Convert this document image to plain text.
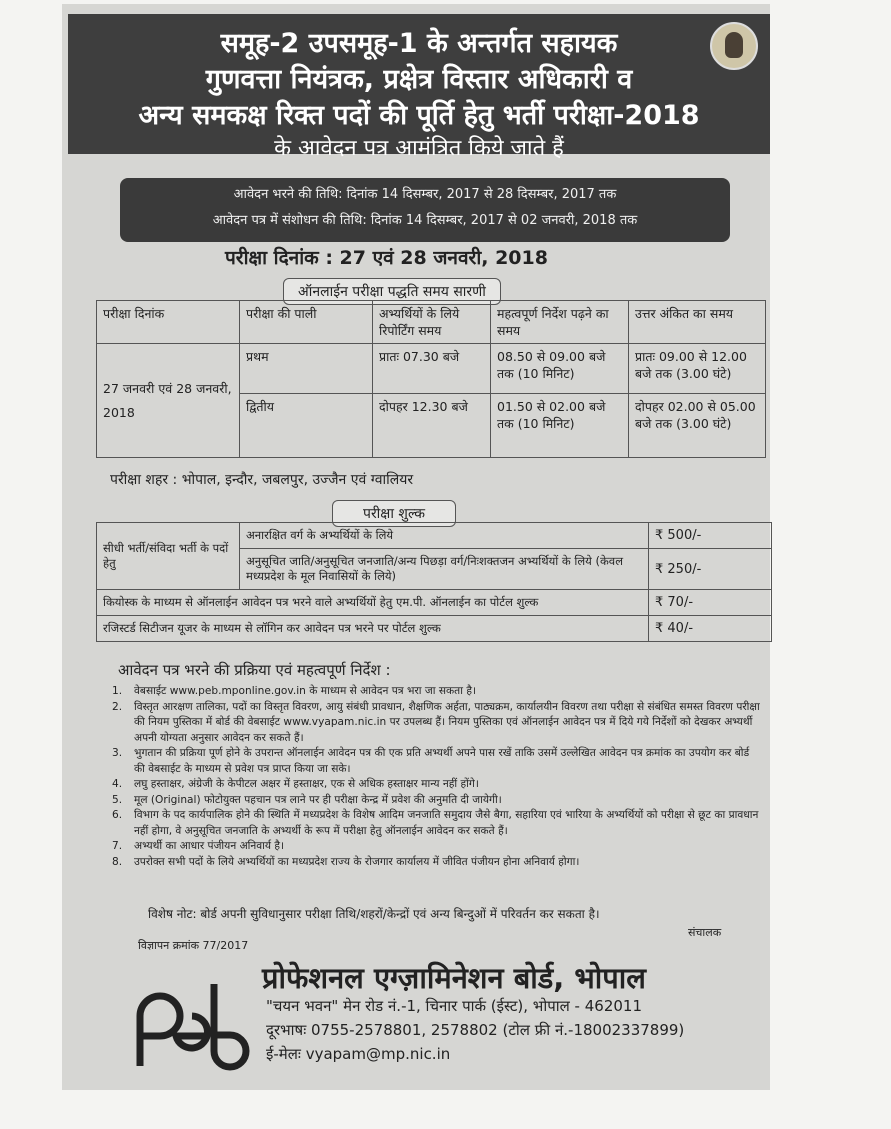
समूह-2 उपसमूह-1 के अन्तर्गत सहायक
गुणवत्ता नियंत्रक, प्रक्षेत्र विस्तार अधिकारी व
अन्य समकक्ष रिक्त पदों की पूर्ति हेतु भर्ती परीक्षा-2018
के आवेदन पत्र आमंत्रित किये जाते हैं
आवेदन भरने की तिथि: दिनांक 14 दिसम्बर, 2017 से 28 दिसम्बर, 2017 तक
आवेदन पत्र में संशोधन की तिथि: दिनांक 14 दिसम्बर, 2017 से 02 जनवरी, 2018 तक
परीक्षा दिनांक : 27 एवं 28 जनवरी, 2018
ऑनलाईन परीक्षा पद्धति समय सारणी
परीक्षा दिनांक	परीक्षा की पाली	अभ्यर्थियों के लिये रिपोर्टिंग समय	महत्वपूर्ण निर्देश पढ़ने का समय	उत्तर अंकित का समय
27 जनवरी एवं 28 जनवरी, 2018	प्रथम	प्रातः 07.30 बजे	08.50 से 09.00 बजे तक (10 मिनिट)	प्रातः 09.00 से 12.00 बजे तक (3.00 घंटे)
	द्वितीय	दोपहर 12.30 बजे	01.50 से 02.00 बजे तक (10 मिनिट)	दोपहर 02.00 से 05.00 बजे तक (3.00 घंटे)
परीक्षा शहर : भोपाल, इन्दौर, जबलपुर, उज्जैन एवं ग्वालियर
परीक्षा शुल्क
सीधी भर्ती/संविदा भर्ती के पदों हेतु	अनारक्षित वर्ग के अभ्यर्थियों के लिये	₹ 500/-
	अनुसूचित जाति/अनुसूचित जनजाति/अन्य पिछड़ा वर्ग/निःशक्तजन अभ्यर्थियों के लिये (केवल मध्यप्रदेश के मूल निवासियों के लिये)	₹ 250/-
कियोस्क के माध्यम से ऑनलाईन आवेदन पत्र भरने वाले अभ्यर्थियों हेतु एम.पी. ऑनलाईन का पोर्टल शुल्क		₹ 70/-
रजिस्टर्ड सिटीजन यूजर के माध्यम से लॉगिन कर आवेदन पत्र भरने पर पोर्टल शुल्क		₹ 40/-
आवेदन पत्र भरने की प्रक्रिया एवं महत्वपूर्ण निर्देश :
1.	वेबसाईट www.peb.mponline.gov.in के माध्यम से आवेदन पत्र भरा जा सकता है।
2.	विस्तृत आरक्षण तालिका, पदों का विस्तृत विवरण, आयु संबंधी प्रावधान, शैक्षणिक अर्हता, पाठ्यक्रम, कार्यालयीन विवरण तथा परीक्षा से संबंधित समस्त विवरण परीक्षा की नियम पुस्तिका में बोर्ड की वेबसाईट www.vyapam.nic.in पर उपलब्ध हैं। नियम पुस्तिका एवं ऑनलाईन आवेदन पत्र में दिये गये निर्देशों को देखकर अभ्यर्थी अपनी योग्यता अनुसार आवेदन कर सकते हैं।
3.	भुगतान की प्रक्रिया पूर्ण होने के उपरान्त ऑनलाईन आवेदन पत्र की एक प्रति अभ्यर्थी अपने पास रखें ताकि उसमें उल्लेखित आवेदन पत्र क्रमांक का उपयोग कर बोर्ड की वेबसाईट के माध्यम से प्रवेश पत्र प्राप्त किया जा सके।
4.	लघु हस्ताक्षर, अंग्रेजी के केपीटल अक्षर में हस्ताक्षर, एक से अधिक हस्ताक्षर मान्य नहीं होंगे।
5.	मूल (Original) फोटोयुक्त पहचान पत्र लाने पर ही परीक्षा केन्द्र में प्रवेश की अनुमति दी जायेगी।
6.	विभाग के पद कार्यपालिक होने की स्थिति में मध्यप्रदेश के विशेष आदिम जनजाति समुदाय जैसे बैगा, सहारिया एवं भारिया के अभ्यर्थियों को परीक्षा से छूट का प्रावधान नहीं होगा, वे अनुसूचित जनजाति के अभ्यर्थी के रूप में परीक्षा हेतु ऑनलाईन आवेदन कर सकते हैं।
7.	अभ्यर्थी का आधार पंजीयन अनिवार्य है।
8.	उपरोक्त सभी पदों के लिये अभ्यर्थियों का मध्यप्रदेश राज्य के रोजगार कार्यालय में जीवित पंजीयन होना अनिवार्य होगा।
विशेष नोट: बोर्ड अपनी सुविधानुसार परीक्षा तिथि/शहरों/केन्द्रों एवं अन्य बिन्दुओं में परिवर्तन कर सकता है।
संचालक
विज्ञापन क्रमांक 77/2017
प्रोफेशनल एग्ज़ामिनेशन बोर्ड, भोपाल
"चयन भवन" मेन रोड नं.-1, चिनार पार्क (ईस्ट), भोपाल - 462011
दूरभाषः 0755-2578801, 2578802 (टोल फ्री नं.-18002337899)
ई-मेलः vyapam@mp.nic.in
